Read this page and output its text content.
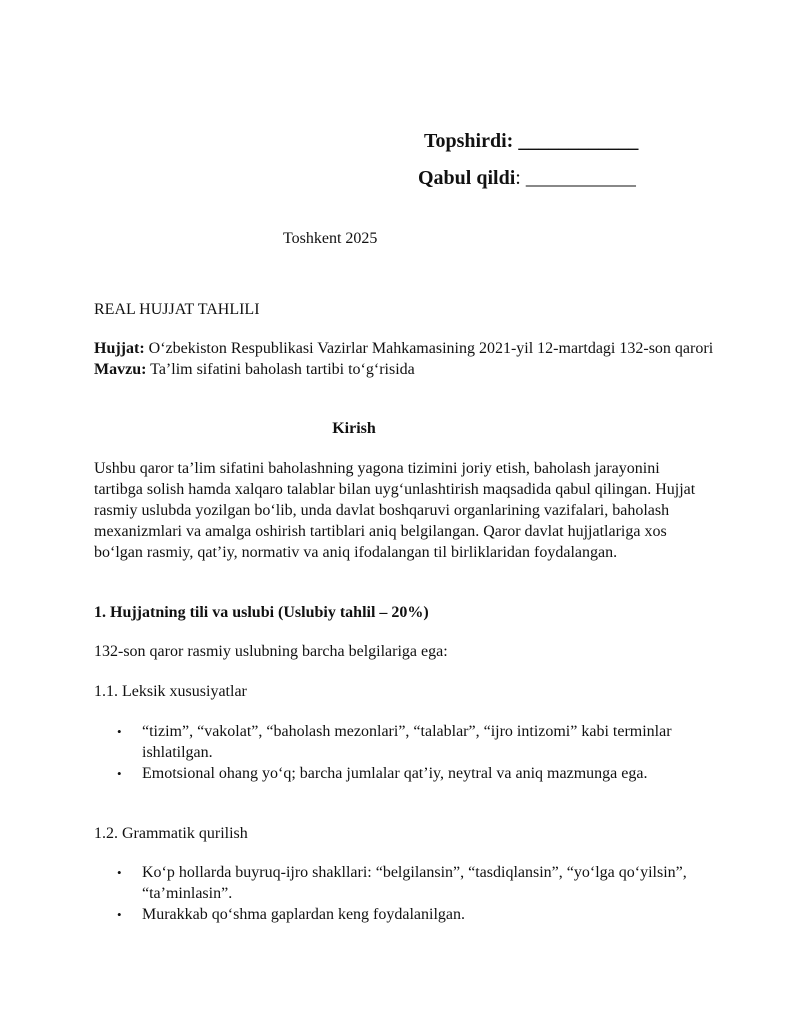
Topshirdi: ____________
Qabul qildi: ___________
Toshkent 2025
REAL HUJJAT TAHLILI
Hujjat: O‘zbekiston Respublikasi Vazirlar Mahkamasining 2021-yil 12-martdagi 132-son qarori
Mavzu: Ta’lim sifatini baholash tartibi to‘g‘risida
Kirish
Ushbu qaror ta’lim sifatini baholashning yagona tizimini joriy etish, baholash jarayonini tartibga solish hamda xalqaro talablar bilan uyg‘unlashtirish maqsadida qabul qilingan. Hujjat rasmiy uslubda yozilgan bo‘lib, unda davlat boshqaruvi organlarining vazifalari, baholash mexanizmlari va amalga oshirish tartiblari aniq belgilangan. Qaror davlat hujjatlariga xos bo‘lgan rasmiy, qat’iy, normativ va aniq ifodalangan til birliklaridan foydalangan.
1. Hujjatning tili va uslubi (Uslubiy tahlil – 20%)
132-son qaror rasmiy uslubning barcha belgilariga ega:
1.1. Leksik xususiyatlar
• “tizim”, “vakolat”, “baholash mezonlari”, “talablar”, “ijro intizomi” kabi terminlar ishlatilgan.
• Emotsional ohang yo‘q; barcha jumlalar qat’iy, neytral va aniq mazmunga ega.
1.2. Grammatik qurilish
• Ko‘p hollarda buyruq-ijro shakllari: “belgilansin”, “tasdiqlansin”, “yo‘lga qo‘yilsin”, “ta’minlasin”.
• Murakkab qo‘shma gaplardan keng foydalanilgan.
